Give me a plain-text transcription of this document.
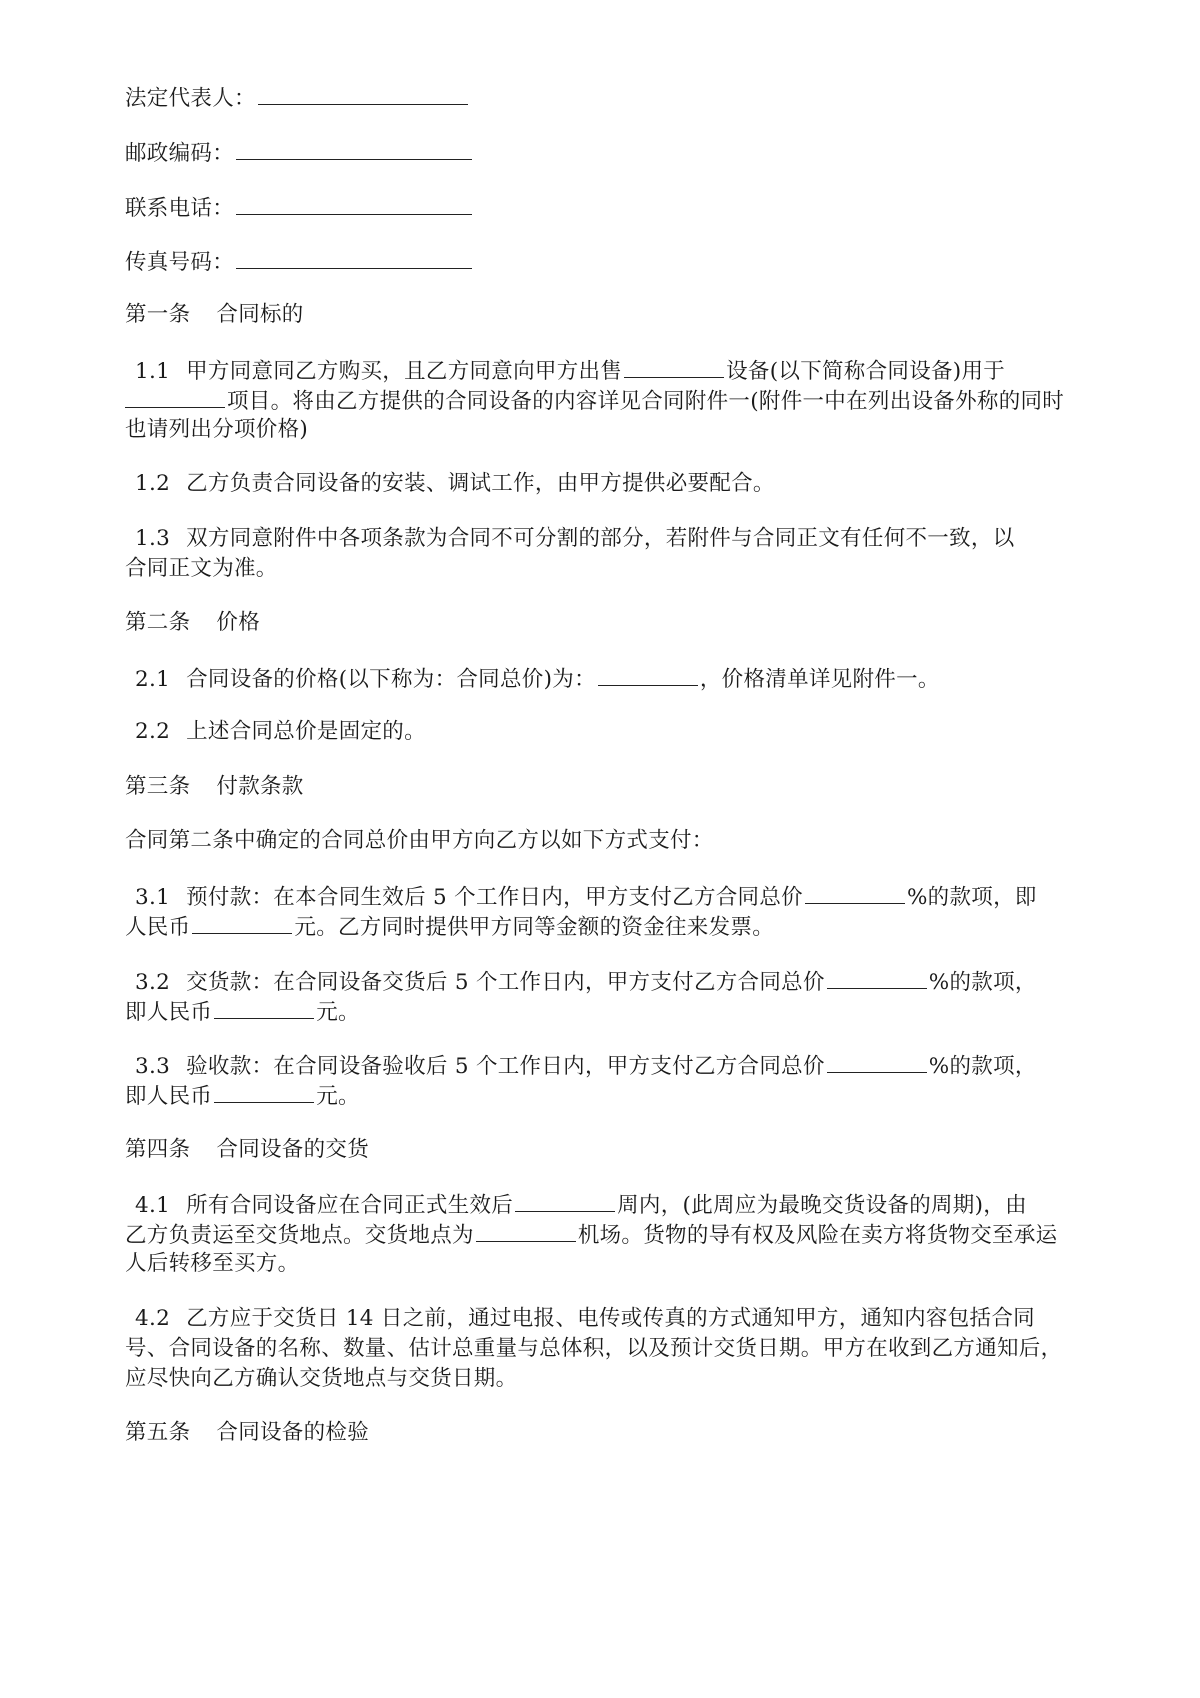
法定代表人：
邮政编码：
联系电话：
传真号码：
第一条 合同标的
1.1 甲方同意同乙方购买，且乙方同意向甲方出售	设备(以下简称合同设备)用于
项目。将由乙方提供的合同设备的内容详见合同附件一(附件一中在列出设备外称的同时
也请列出分项价格)
1.2 乙方负责合同设备的安装、调试工作，由甲方提供必要配合。
1.3 双方同意附件中各项条款为合同不可分割的部分，若附件与合同正文有任何不一致，以
合同正文为准。
第二条 价格
2.1 合同设备的价格(以下称为：合同总价)为：	，价格清单详见附件一。
2.2 上述合同总价是固定的。
第三条 付款条款
合同第二条中确定的合同总价由甲方向乙方以如下方式支付：
3.1 预付款：在本合同生效后 5 个工作日内，甲方支付乙方合同总价	%的款项，即
人民币	元。乙方同时提供甲方同等金额的资金往来发票。
3.2 交货款：在合同设备交货后 5 个工作日内，甲方支付乙方合同总价	%的款项，
即人民币	元。
3.3 验收款：在合同设备验收后 5 个工作日内，甲方支付乙方合同总价	%的款项，
即人民币	元。
第四条 合同设备的交货
4.1 所有合同设备应在合同正式生效后	周内，(此周应为最晚交货设备的周期)，由
乙方负责运至交货地点。交货地点为	机场。货物的导有权及风险在卖方将货物交至承运
人后转移至买方。
4.2 乙方应于交货日 14 日之前，通过电报、电传或传真的方式通知甲方，通知内容包括合同
号、合同设备的名称、数量、估计总重量与总体积，以及预计交货日期。甲方在收到乙方通知后，
应尽快向乙方确认交货地点与交货日期。
第五条 合同设备的检验
